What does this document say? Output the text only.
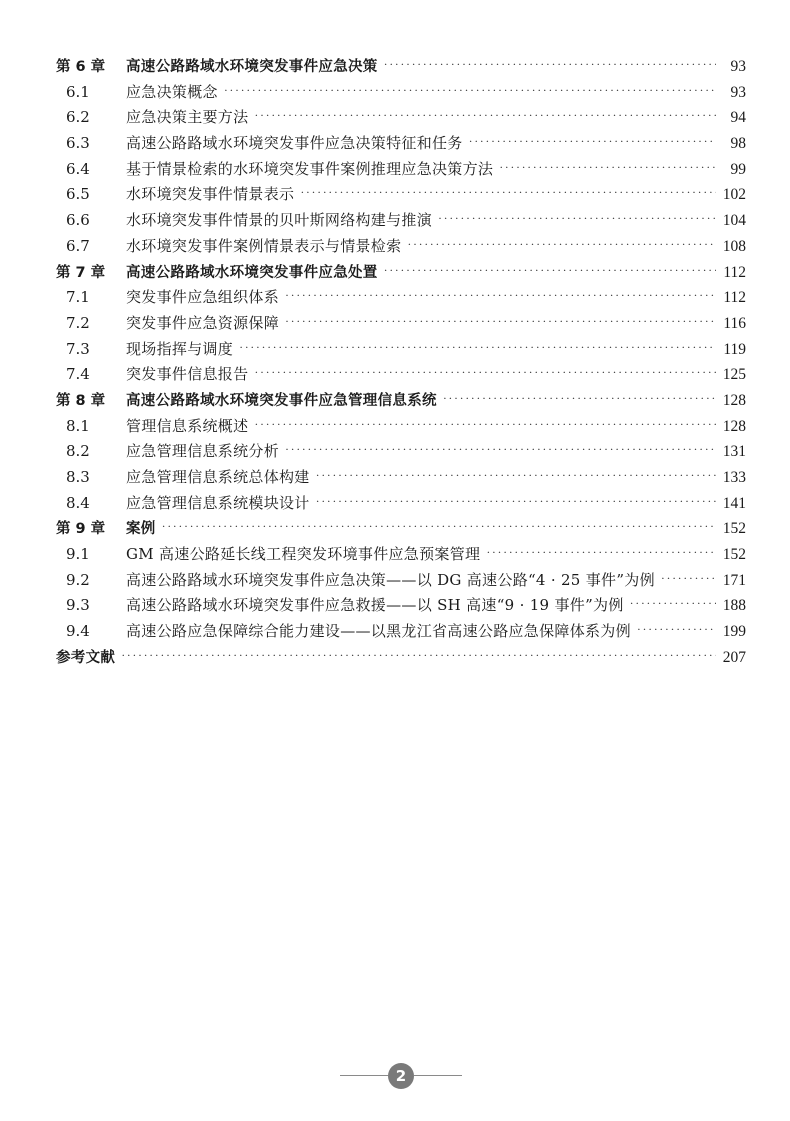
第 6 章	高速公路路域水环境突发事件应急决策 ·····	93
6.1	应急决策概念 ·····	93
6.2	应急决策主要方法 ·····	94
6.3	高速公路路域水环境突发事件应急决策特征和任务 ·····	98
6.4	基于情景检索的水环境突发事件案例推理应急决策方法 ·····	99
6.5	水环境突发事件情景表示 ·····	102
6.6	水环境突发事件情景的贝叶斯网络构建与推演 ·····	104
6.7	水环境突发事件案例情景表示与情景检索 ·····	108
第 7 章	高速公路路域水环境突发事件应急处置 ·····	112
7.1	突发事件应急组织体系 ·····	112
7.2	突发事件应急资源保障 ·····	116
7.3	现场指挥与调度 ·····	119
7.4	突发事件信息报告 ·····	125
第 8 章	高速公路路域水环境突发事件应急管理信息系统 ·····	128
8.1	管理信息系统概述 ·····	128
8.2	应急管理信息系统分析 ·····	131
8.3	应急管理信息系统总体构建 ·····	133
8.4	应急管理信息系统模块设计 ·····	141
第 9 章	案例 ·····	152
9.1	GM 高速公路延长线工程突发环境事件应急预案管理 ·····	152
9.2	高速公路路域水环境突发事件应急决策——以 DG 高速公路“4 · 25 事件”为例 ·····	171
9.3	高速公路路域水环境突发事件应急救援——以 SH 高速“9 · 19 事件”为例 ·····	188
9.4	高速公路应急保障综合能力建设——以黑龙江省高速公路应急保障体系为例 ·····	199
参考文献 ·····	207
2
